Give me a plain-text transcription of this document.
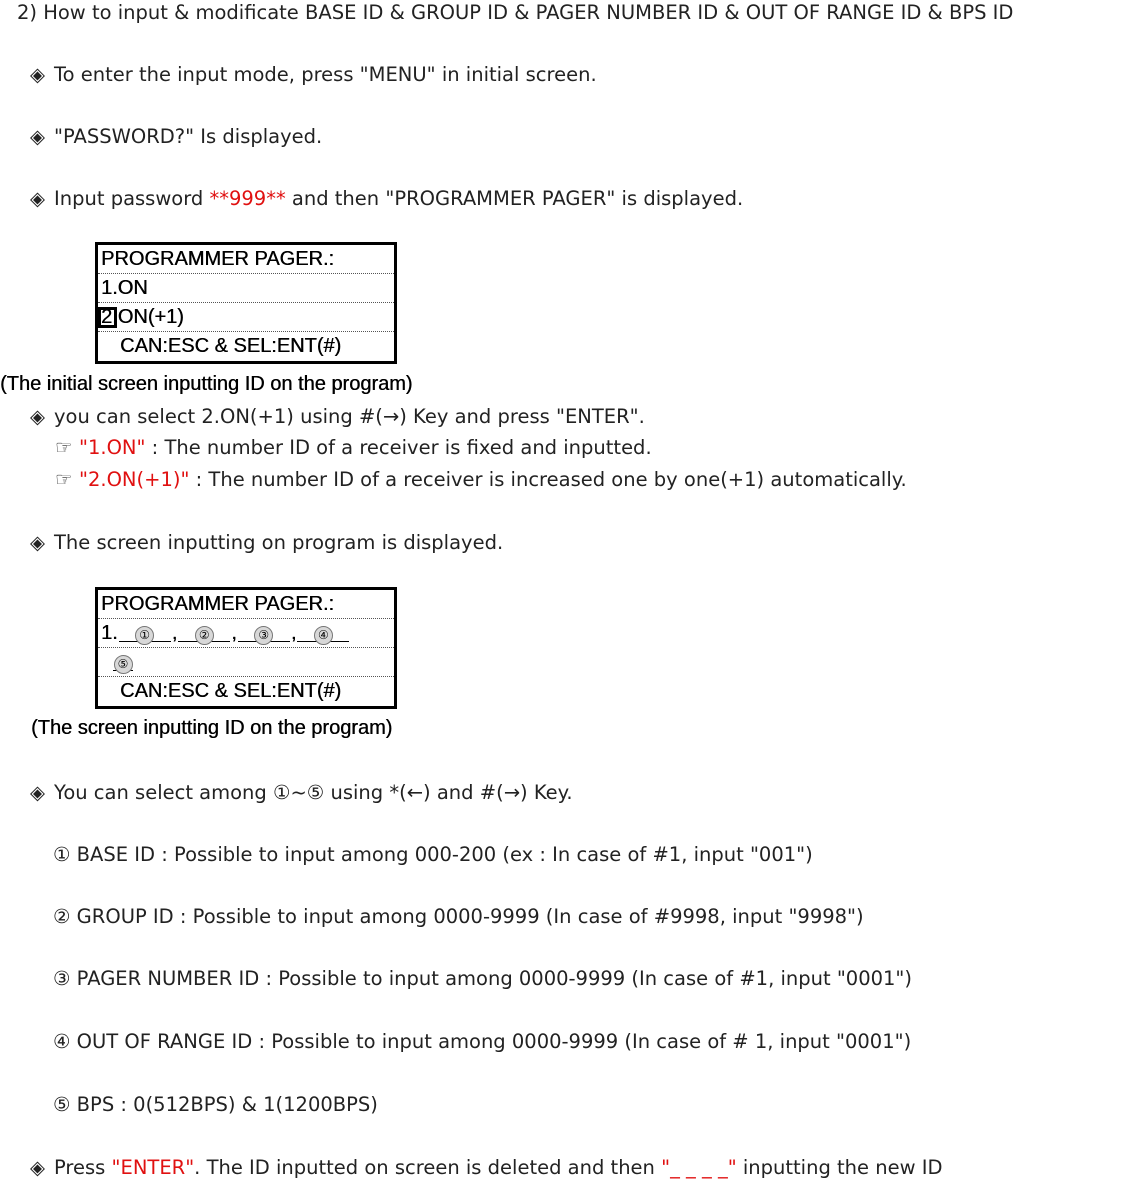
2) How to input & modificate BASE ID & GROUP ID & PAGER NUMBER ID & OUT OF RANGE ID & BPS ID
◈ To enter the input mode, press "MENU" in initial screen.
◈ "PASSWORD?" Is displayed.
◈ Input password **999** and then "PROGRAMMER PAGER" is displayed.
PROGRAMMER PAGER.:
1.ON
2.ON(+1)
CAN:ESC & SEL:ENT(#)
(The initial screen inputting ID on the program)
◈ you can select 2.ON(+1) using #(→) Key and press "ENTER".
☞ "1.ON" : The number ID of a receiver is fixed and inputted.
☞ "2.ON(+1)" : The number ID of a receiver is increased one by one(+1) automatically.
◈ The screen inputting on program is displayed.
PROGRAMMER PAGER.:
1. ① , ② , ③ , ④
⑤
CAN:ESC & SEL:ENT(#)
(The screen inputting ID on the program)
◈ You can select among ①~⑤ using *(←) and #(→) Key.
① BASE ID : Possible to input among 000-200 (ex : In case of #1, input "001")
② GROUP ID : Possible to input among 0000-9999 (In case of #9998, input "9998")
③ PAGER NUMBER ID : Possible to input among 0000-9999 (In case of #1, input "0001")
④ OUT OF RANGE ID : Possible to input among 0000-9999 (In case of # 1, input "0001")
⑤ BPS : 0(512BPS) & 1(1200BPS)
◈ Press "ENTER". The ID inputted on screen is deleted and then "_ _ _ _" inputting the new ID
